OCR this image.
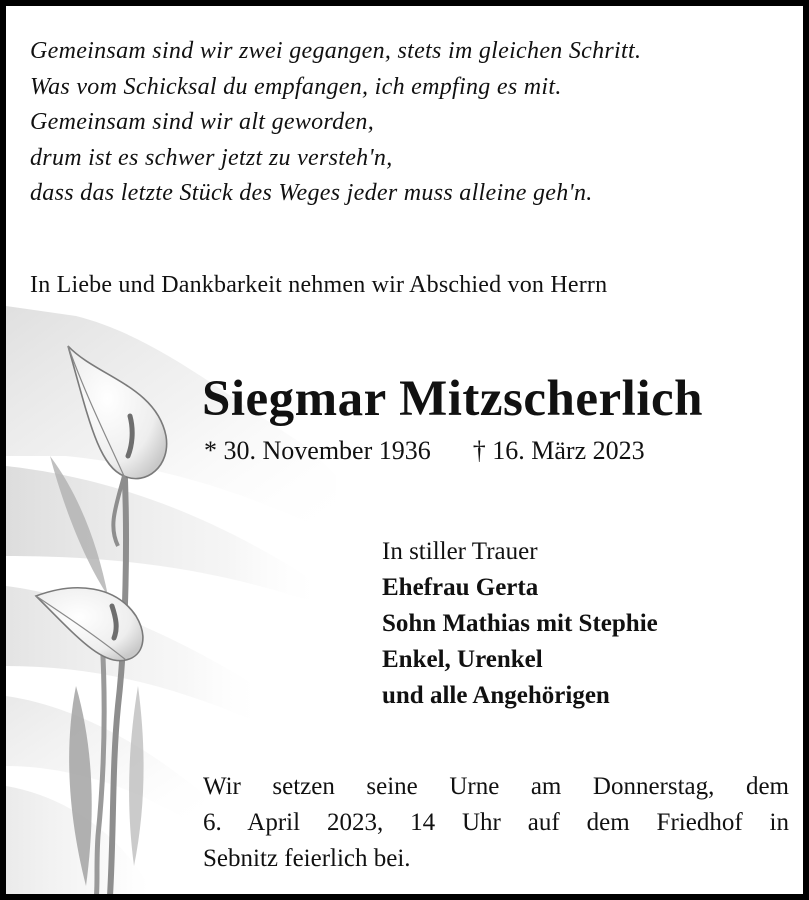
Gemeinsam sind wir zwei gegangen, stets im gleichen Schritt.
Was vom Schicksal du empfangen, ich empfing es mit.
Gemeinsam sind wir alt geworden,
drum ist es schwer jetzt zu versteh'n,
dass das letzte Stück des Weges jeder muss alleine geh'n.
In Liebe und Dankbarkeit nehmen wir Abschied von Herrn
Siegmar Mitzscherlich
* 30. November 1936 † 16. März 2023
In stiller Trauer
Ehefrau Gerta
Sohn Mathias mit Stephie
Enkel, Urenkel
und alle Angehörigen
Wir setzen seine Urne am Donnerstag, dem
6. April 2023, 14 Uhr auf dem Friedhof in
Sebnitz feierlich bei.
